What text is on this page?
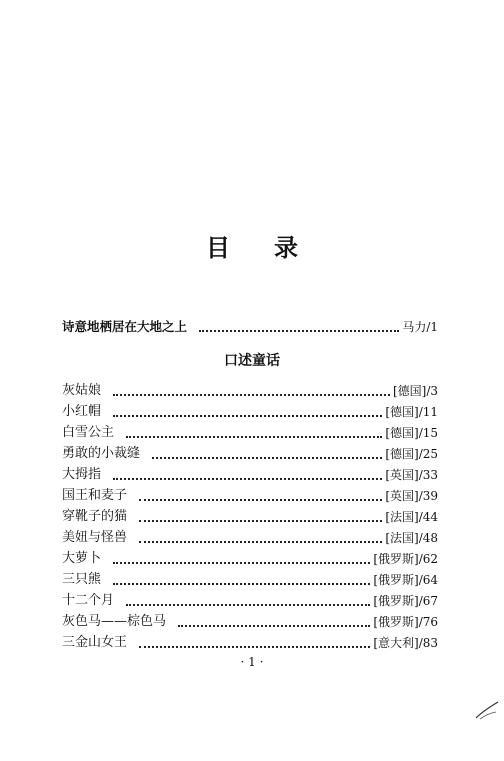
目 录
诗意地栖居在大地之上	马力/1
口述童话
灰姑娘	[德国] /3
小红帽	[德国] /11
白雪公主	[德国] /15
勇敢的小裁缝	[德国] /25
大拇指	[英国] /33
国王和麦子	[英国] /39
穿靴子的猫	[法国] /44
美妞与怪兽	[法国] /48
大萝卜	[俄罗斯] /62
三只熊	[俄罗斯] /64
十二个月	[俄罗斯] /67
灰色马——棕色马	[俄罗斯] /76
三金山女王	[意大利] /83
· 1 ·
